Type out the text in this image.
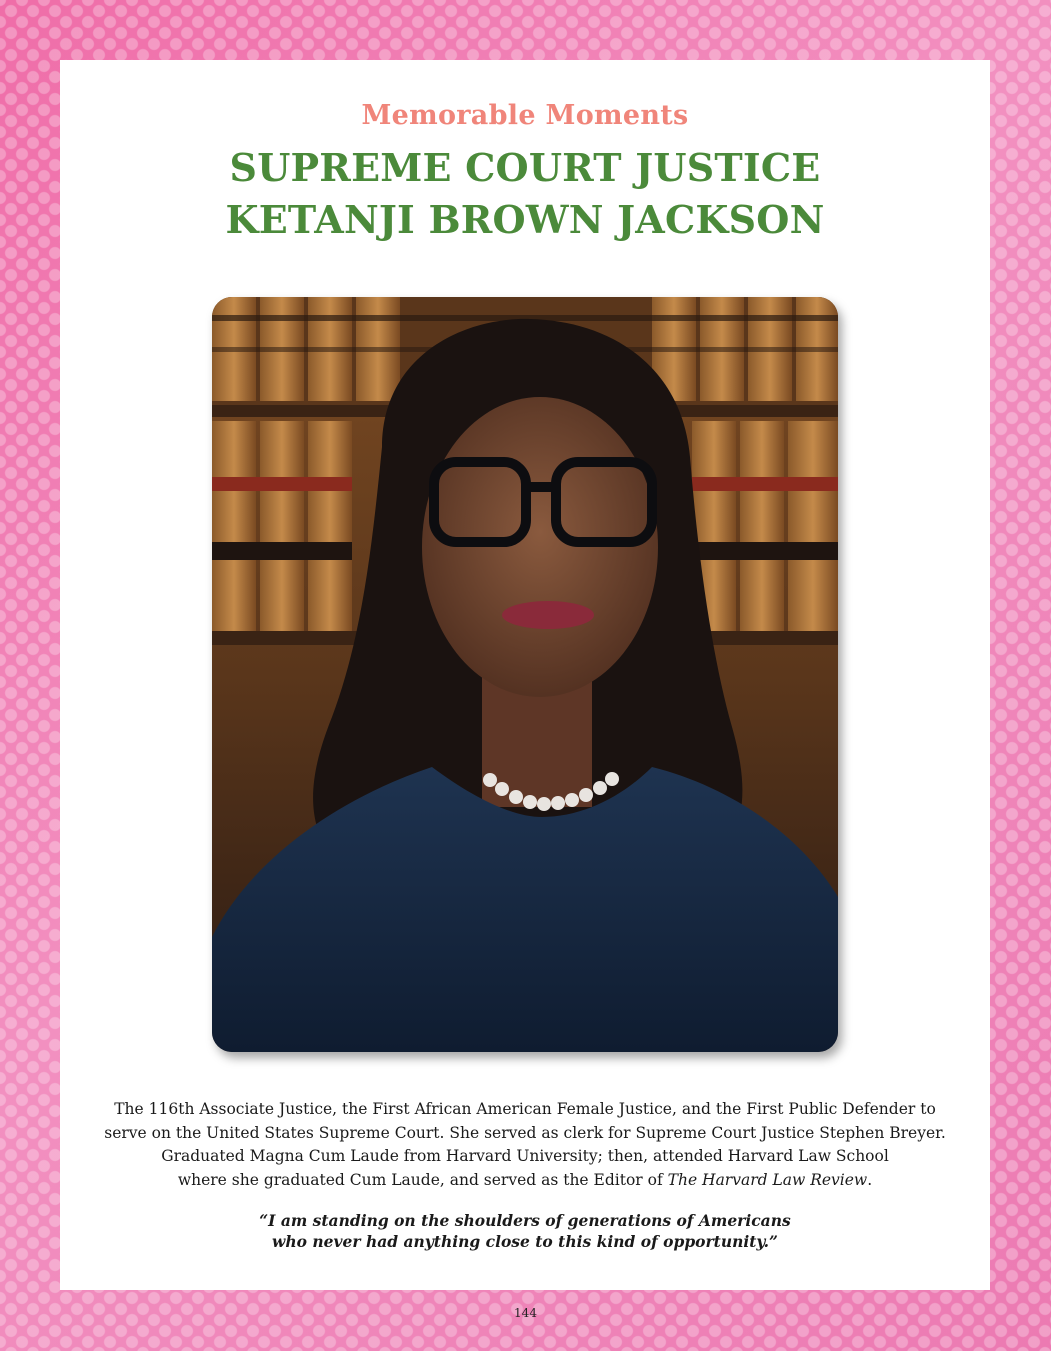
Memorable Moments
SUPREME COURT JUSTICE
KETANJI BROWN JACKSON
The 116th Associate Justice, the First African American Female Justice, and the First Public Defender to
serve on the United States Supreme Court. She served as clerk for Supreme Court Justice Stephen Breyer.
Graduated Magna Cum Laude from Harvard University; then, attended Harvard Law School
where she graduated Cum Laude, and served as the Editor of The Harvard Law Review.
“I am standing on the shoulders of generations of Americans
who never had anything close to this kind of opportunity.”
144
